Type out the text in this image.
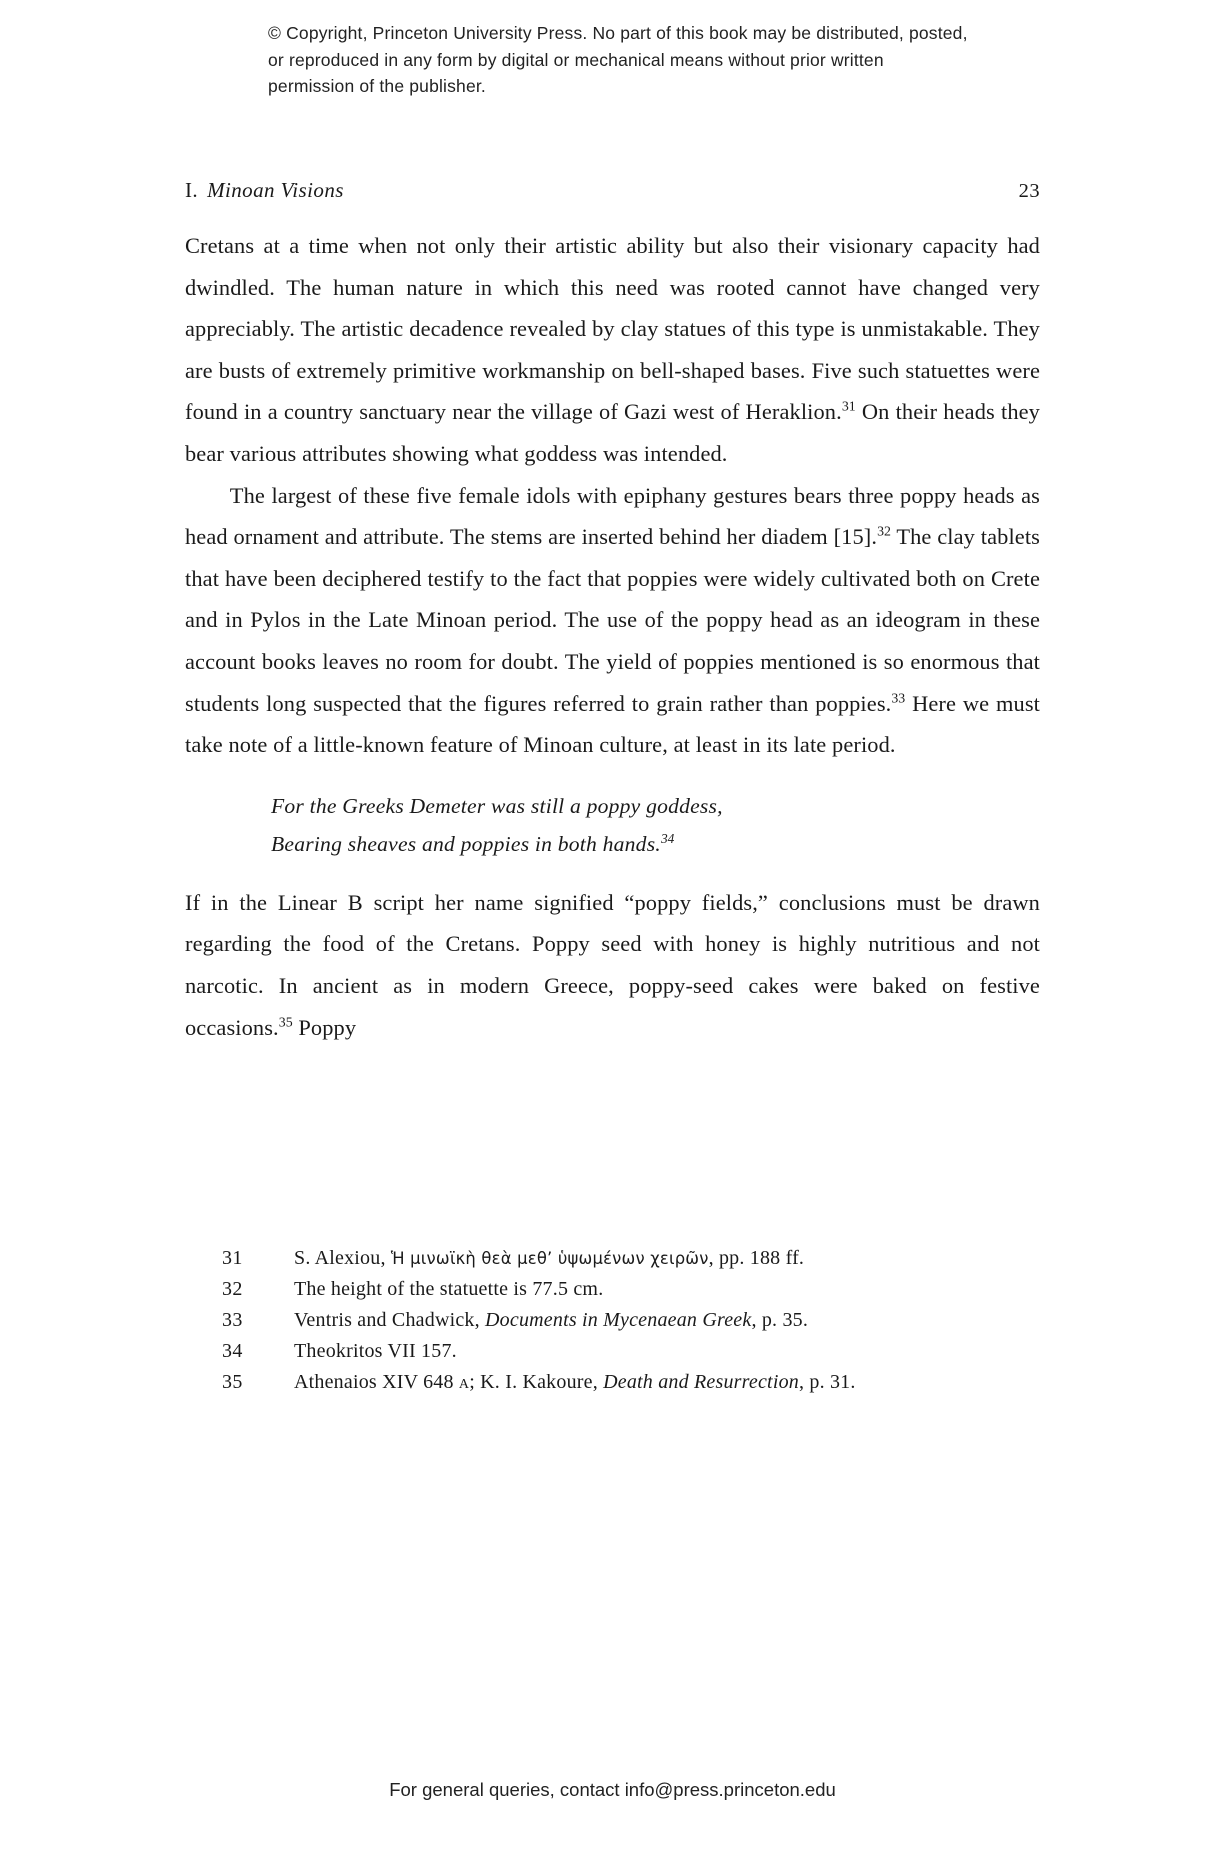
© Copyright, Princeton University Press. No part of this book may be distributed, posted, or reproduced in any form by digital or mechanical means without prior written permission of the publisher.
I. Minoan Visions	23

Cretans at a time when not only their artistic ability but also their visionary capacity had dwindled. The human nature in which this need was rooted cannot have changed very appreciably. The artistic decadence revealed by clay statues of this type is unmistakable. They are busts of extremely primitive workmanship on bell-shaped bases. Five such statuettes were found in a country sanctuary near the village of Gazi west of Heraklion.$^{31}$ On their heads they bear various attributes showing what goddess was intended.

The largest of these five female idols with epiphany gestures bears three poppy heads as head ornament and attribute. The stems are inserted behind her diadem [15].$^{32}$ The clay tablets that have been deciphered testify to the fact that poppies were widely cultivated both on Crete and in Pylos in the Late Minoan period. The use of the poppy head as an ideogram in these account books leaves no room for doubt. The yield of poppies mentioned is so enormous that students long suspected that the figures referred to grain rather than poppies.$^{33}$ Here we must take note of a little-known feature of Minoan culture, at least in its late period.

For the Greeks Demeter was still a poppy goddess,
Bearing sheaves and poppies in both hands.$^{34}$

If in the Linear B script her name signified “poppy fields,” conclusions must be drawn regarding the food of the Cretans. Poppy seed with honey is highly nutritious and not narcotic. In ancient as in modern Greece, poppy-seed cakes were baked on festive occasions.$^{35}$ Poppy

31	S. Alexiou, Ἡ μινωϊκὴ θεὰ μεθ’ ὑψωμένων χειρῶν, pp. 188 ff.
32	The height of the statuette is 77.5 cm.
33	Ventris and Chadwick, Documents in Mycenaean Greek, p. 35.
34	Theokritos VII 157.
35	Athenaios XIV 648 a; K. I. Kakoure, Death and Resurrection, p. 31.
For general queries, contact info@press.princeton.edu
